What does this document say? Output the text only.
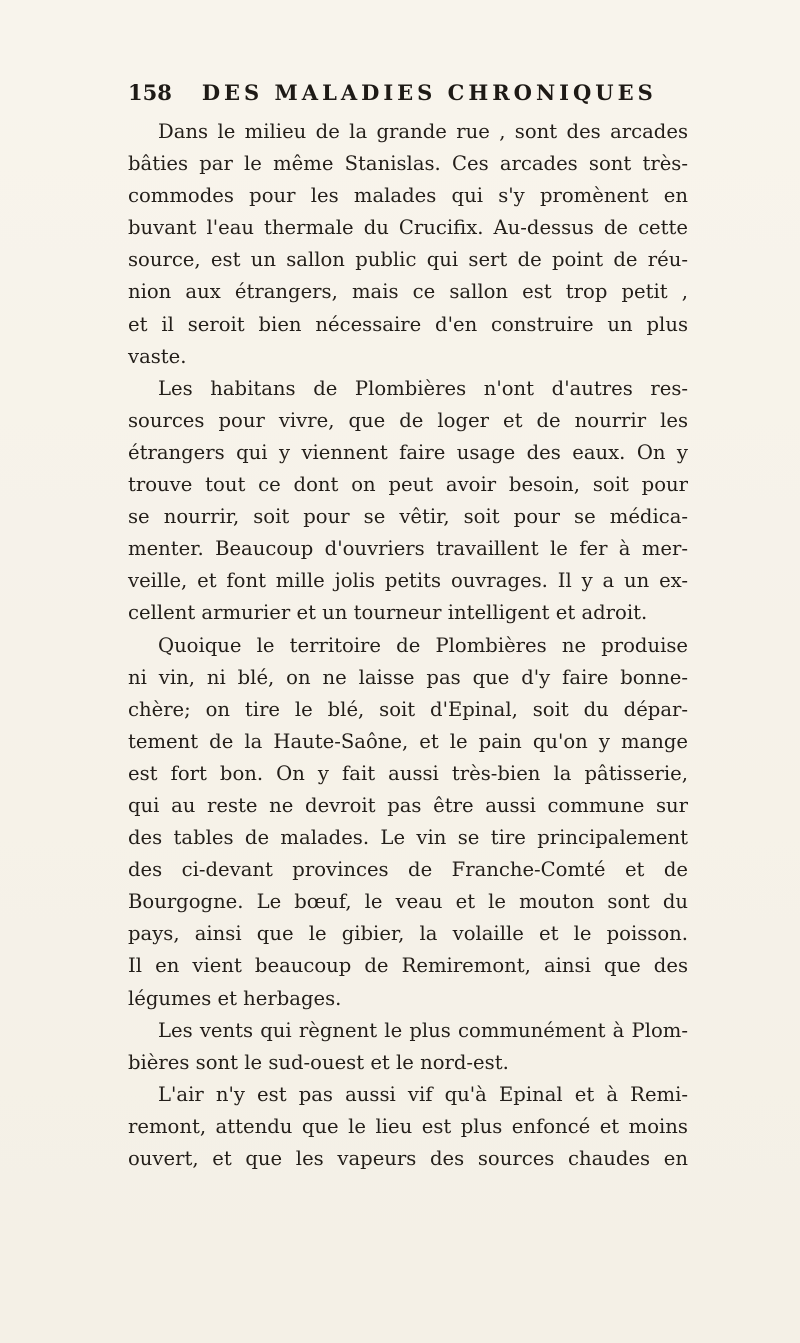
158 DES MALADIES CHRONIQUES
Dans le milieu de la grande rue , sont des arcades
bâties par le même Stanislas. Ces arcades sont très-
commodes pour les malades qui s'y promènent en
buvant l'eau thermale du Crucifix. Au-dessus de cette
source, est un sallon public qui sert de point de réu-
nion aux étrangers, mais ce sallon est trop petit ,
et il seroit bien nécessaire d'en construire un plus
vaste.
Les habitans de Plombières n'ont d'autres res-
sources pour vivre, que de loger et de nourrir les
étrangers qui y viennent faire usage des eaux. On y
trouve tout ce dont on peut avoir besoin, soit pour
se nourrir, soit pour se vêtir, soit pour se médica-
menter. Beaucoup d'ouvriers travaillent le fer à mer-
veille, et font mille jolis petits ouvrages. Il y a un ex-
cellent armurier et un tourneur intelligent et adroit.
Quoique le territoire de Plombières ne produise
ni vin, ni blé, on ne laisse pas que d'y faire bonne-
chère; on tire le blé, soit d'Epinal, soit du dépar-
tement de la Haute-Saône, et le pain qu'on y mange
est fort bon. On y fait aussi très-bien la pâtisserie,
qui au reste ne devroit pas être aussi commune sur
des tables de malades. Le vin se tire principalement
des ci-devant provinces de Franche-Comté et de
Bourgogne. Le bœuf, le veau et le mouton sont du
pays, ainsi que le gibier, la volaille et le poisson.
Il en vient beaucoup de Remiremont, ainsi que des
légumes et herbages.
Les vents qui règnent le plus communément à Plom-
bières sont le sud-ouest et le nord-est.
L'air n'y est pas aussi vif qu'à Epinal et à Remi-
remont, attendu que le lieu est plus enfoncé et moins
ouvert, et que les vapeurs des sources chaudes en
